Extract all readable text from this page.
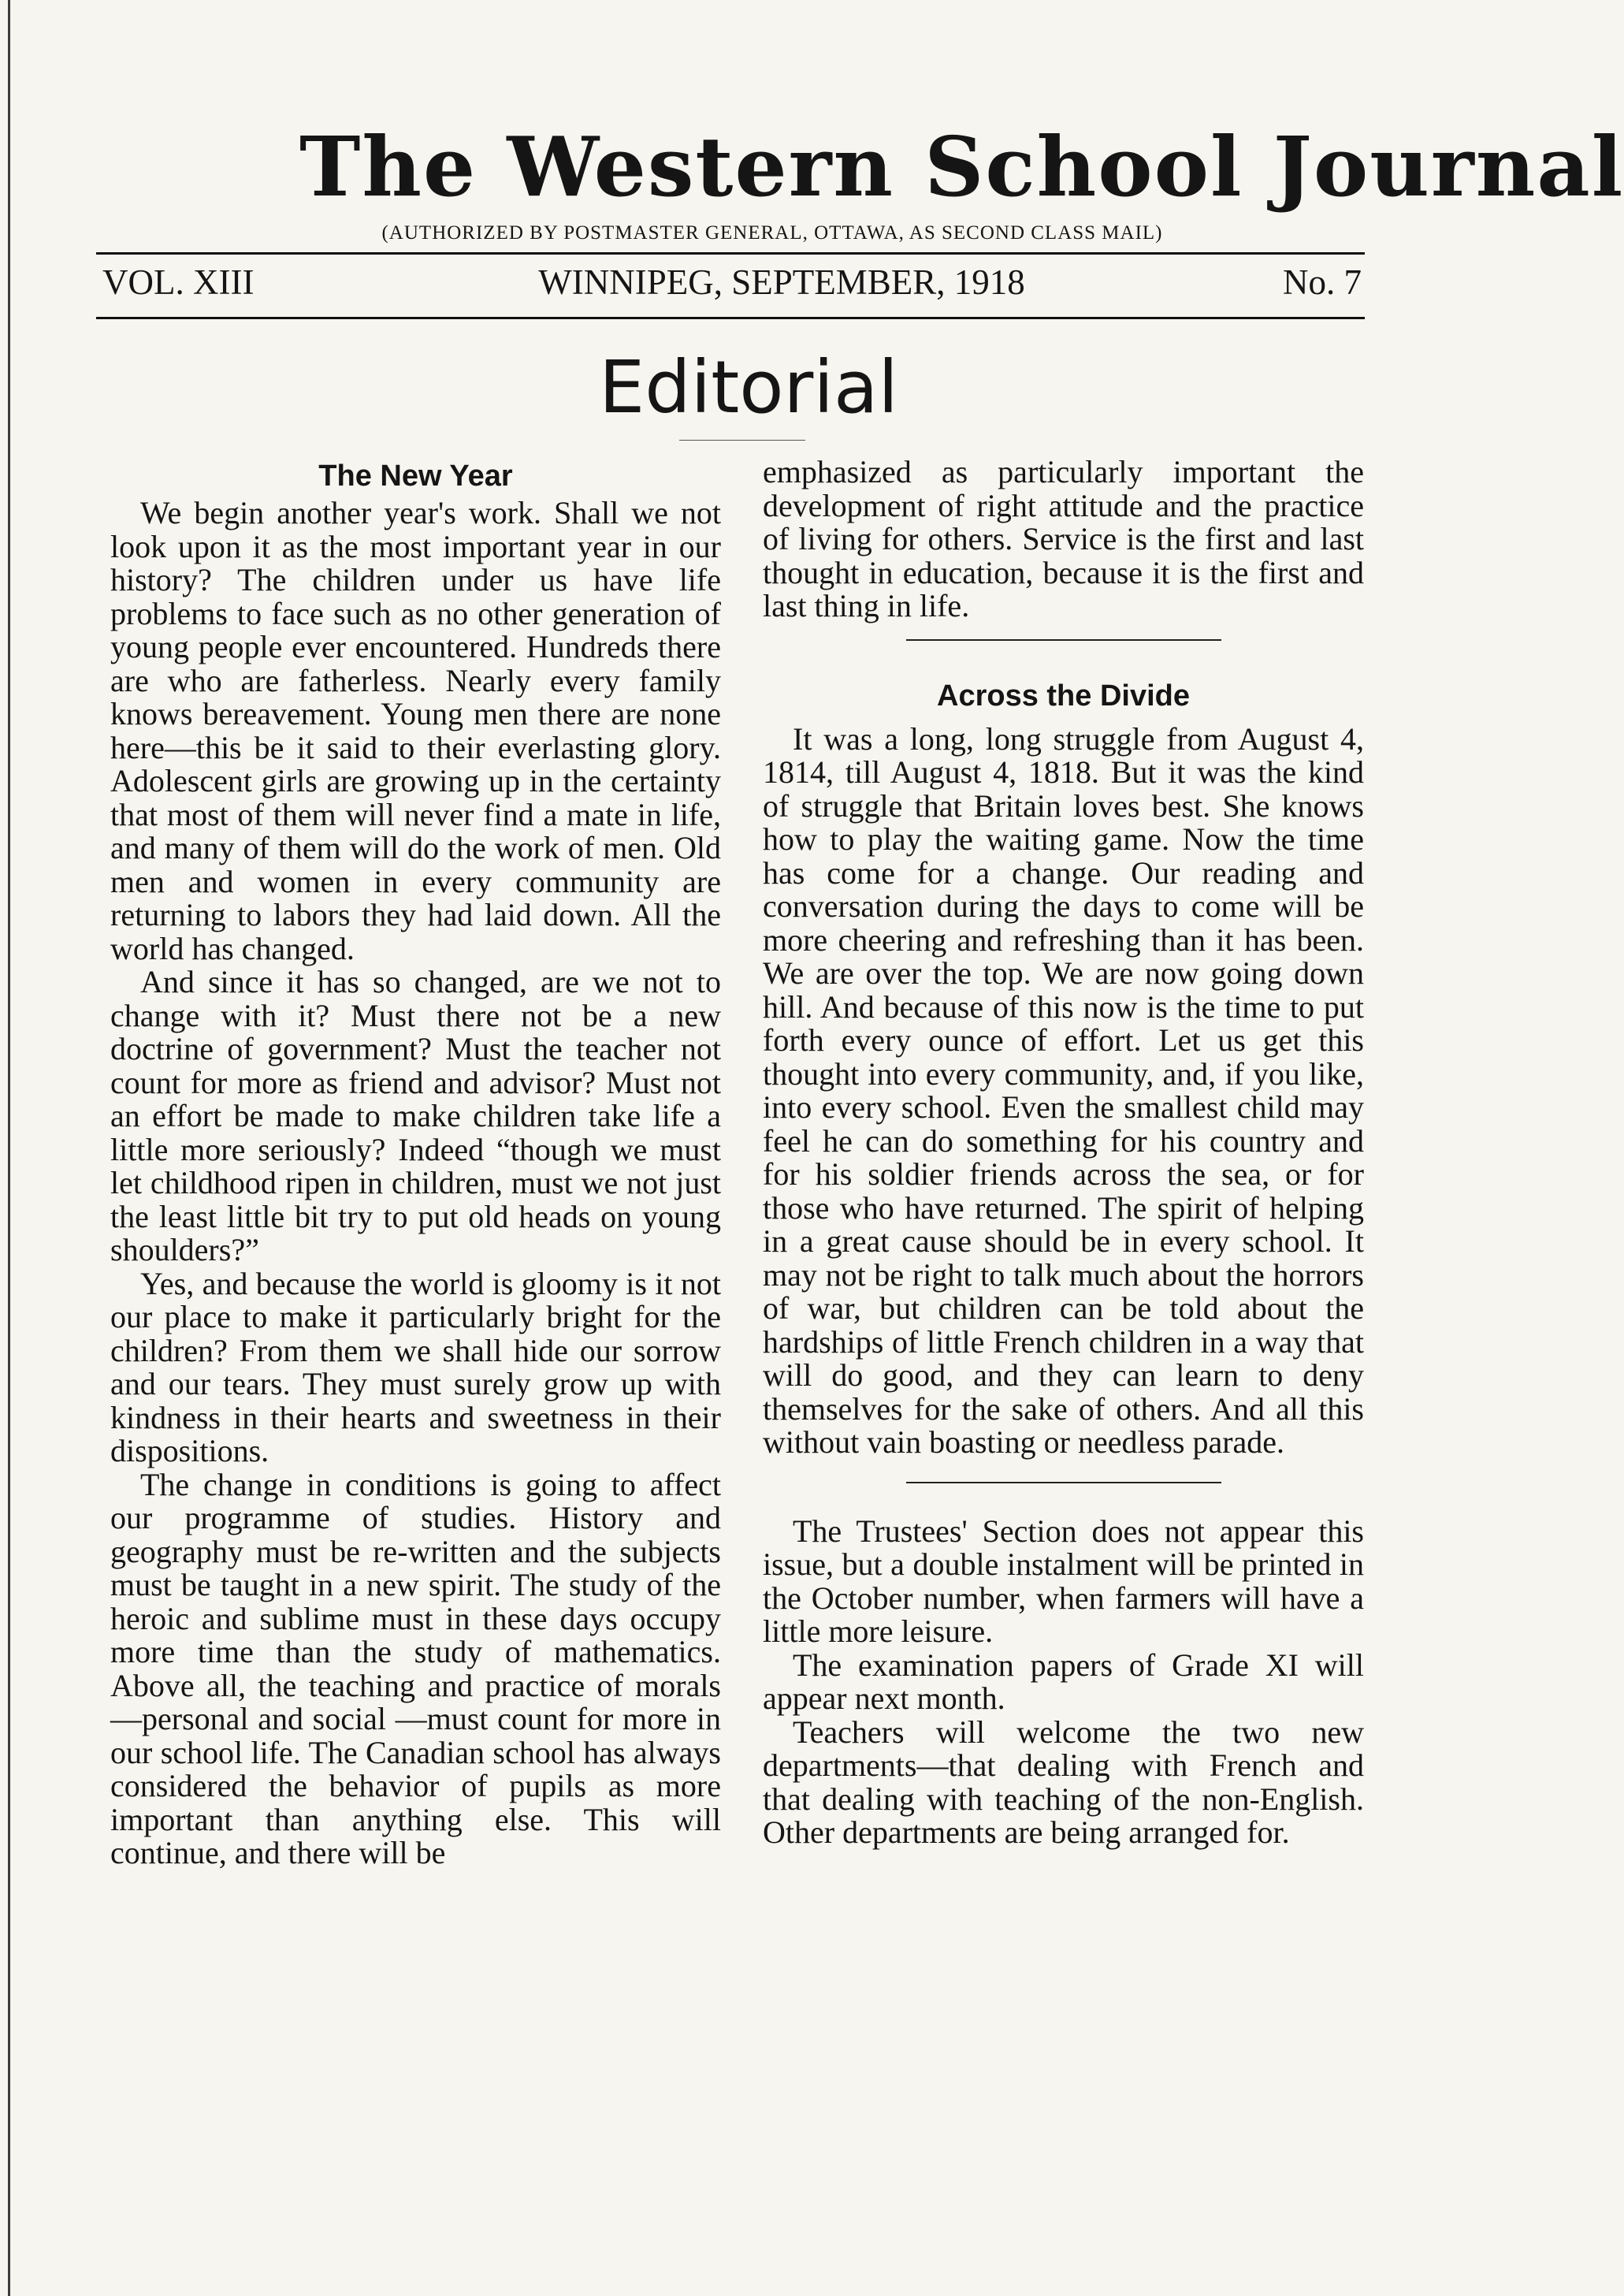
The Western School Journal
(AUTHORIZED BY POSTMASTER GENERAL, OTTAWA, AS SECOND CLASS MAIL)
VOL. XIII	WINNIPEG, SEPTEMBER, 1918	No. 7
Editorial
The New Year

We begin another year's work. Shall we not look upon it as the most important year in our history? The children under us have life problems to face such as no other generation of young people ever encountered. Hundreds there are who are fatherless. Nearly every family knows bereavement. Young men there are none here—this be it said to their everlasting glory. Adolescent girls are growing up in the certainty that most of them will never find a mate in life, and many of them will do the work of men. Old men and women in every community are returning to labors they had laid down. All the world has changed.

And since it has so changed, are we not to change with it? Must there not be a new doctrine of government? Must the teacher not count for more as friend and advisor? Must not an effort be made to make children take life a little more seriously? Indeed “though we must let childhood ripen in children, must we not just the least little bit try to put old heads on young shoulders?”

Yes, and because the world is gloomy is it not our place to make it particularly bright for the children? From them we shall hide our sorrow and our tears. They must surely grow up with kindness in their hearts and sweetness in their dispositions.

The change in conditions is going to affect our programme of studies. History and geography must be re-written and the subjects must be taught in a new spirit. The study of the heroic and sublime must in these days occupy more time than the study of mathematics. Above all, the teaching and practice of morals—personal and social —must count for more in our school life. The Canadian school has always considered the behavior of pupils as more important than anything else. This will continue, and there will be

emphasized as particularly important the development of right attitude and the practice of living for others. Service is the first and last thought in education, because it is the first and last thing in life.

Across the Divide

It was a long, long struggle from August 4, 1814, till August 4, 1818. But it was the kind of struggle that Britain loves best. She knows how to play the waiting game. Now the time has come for a change. Our reading and conversation during the days to come will be more cheering and refreshing than it has been. We are over the top. We are now going down hill. And because of this now is the time to put forth every ounce of effort. Let us get this thought into every community, and, if you like, into every school. Even the smallest child may feel he can do something for his country and for his soldier friends across the sea, or for those who have returned. The spirit of helping in a great cause should be in every school. It may not be right to talk much about the horrors of war, but children can be told about the hardships of little French children in a way that will do good, and they can learn to deny themselves for the sake of others. And all this without vain boasting or needless parade.

The Trustees' Section does not appear this issue, but a double instalment will be printed in the October number, when farmers will have a little more leisure.

The examination papers of Grade XI will appear next month.

Teachers will welcome the two new departments—that dealing with French and that dealing with teaching of the non-English. Other departments are being arranged for.
